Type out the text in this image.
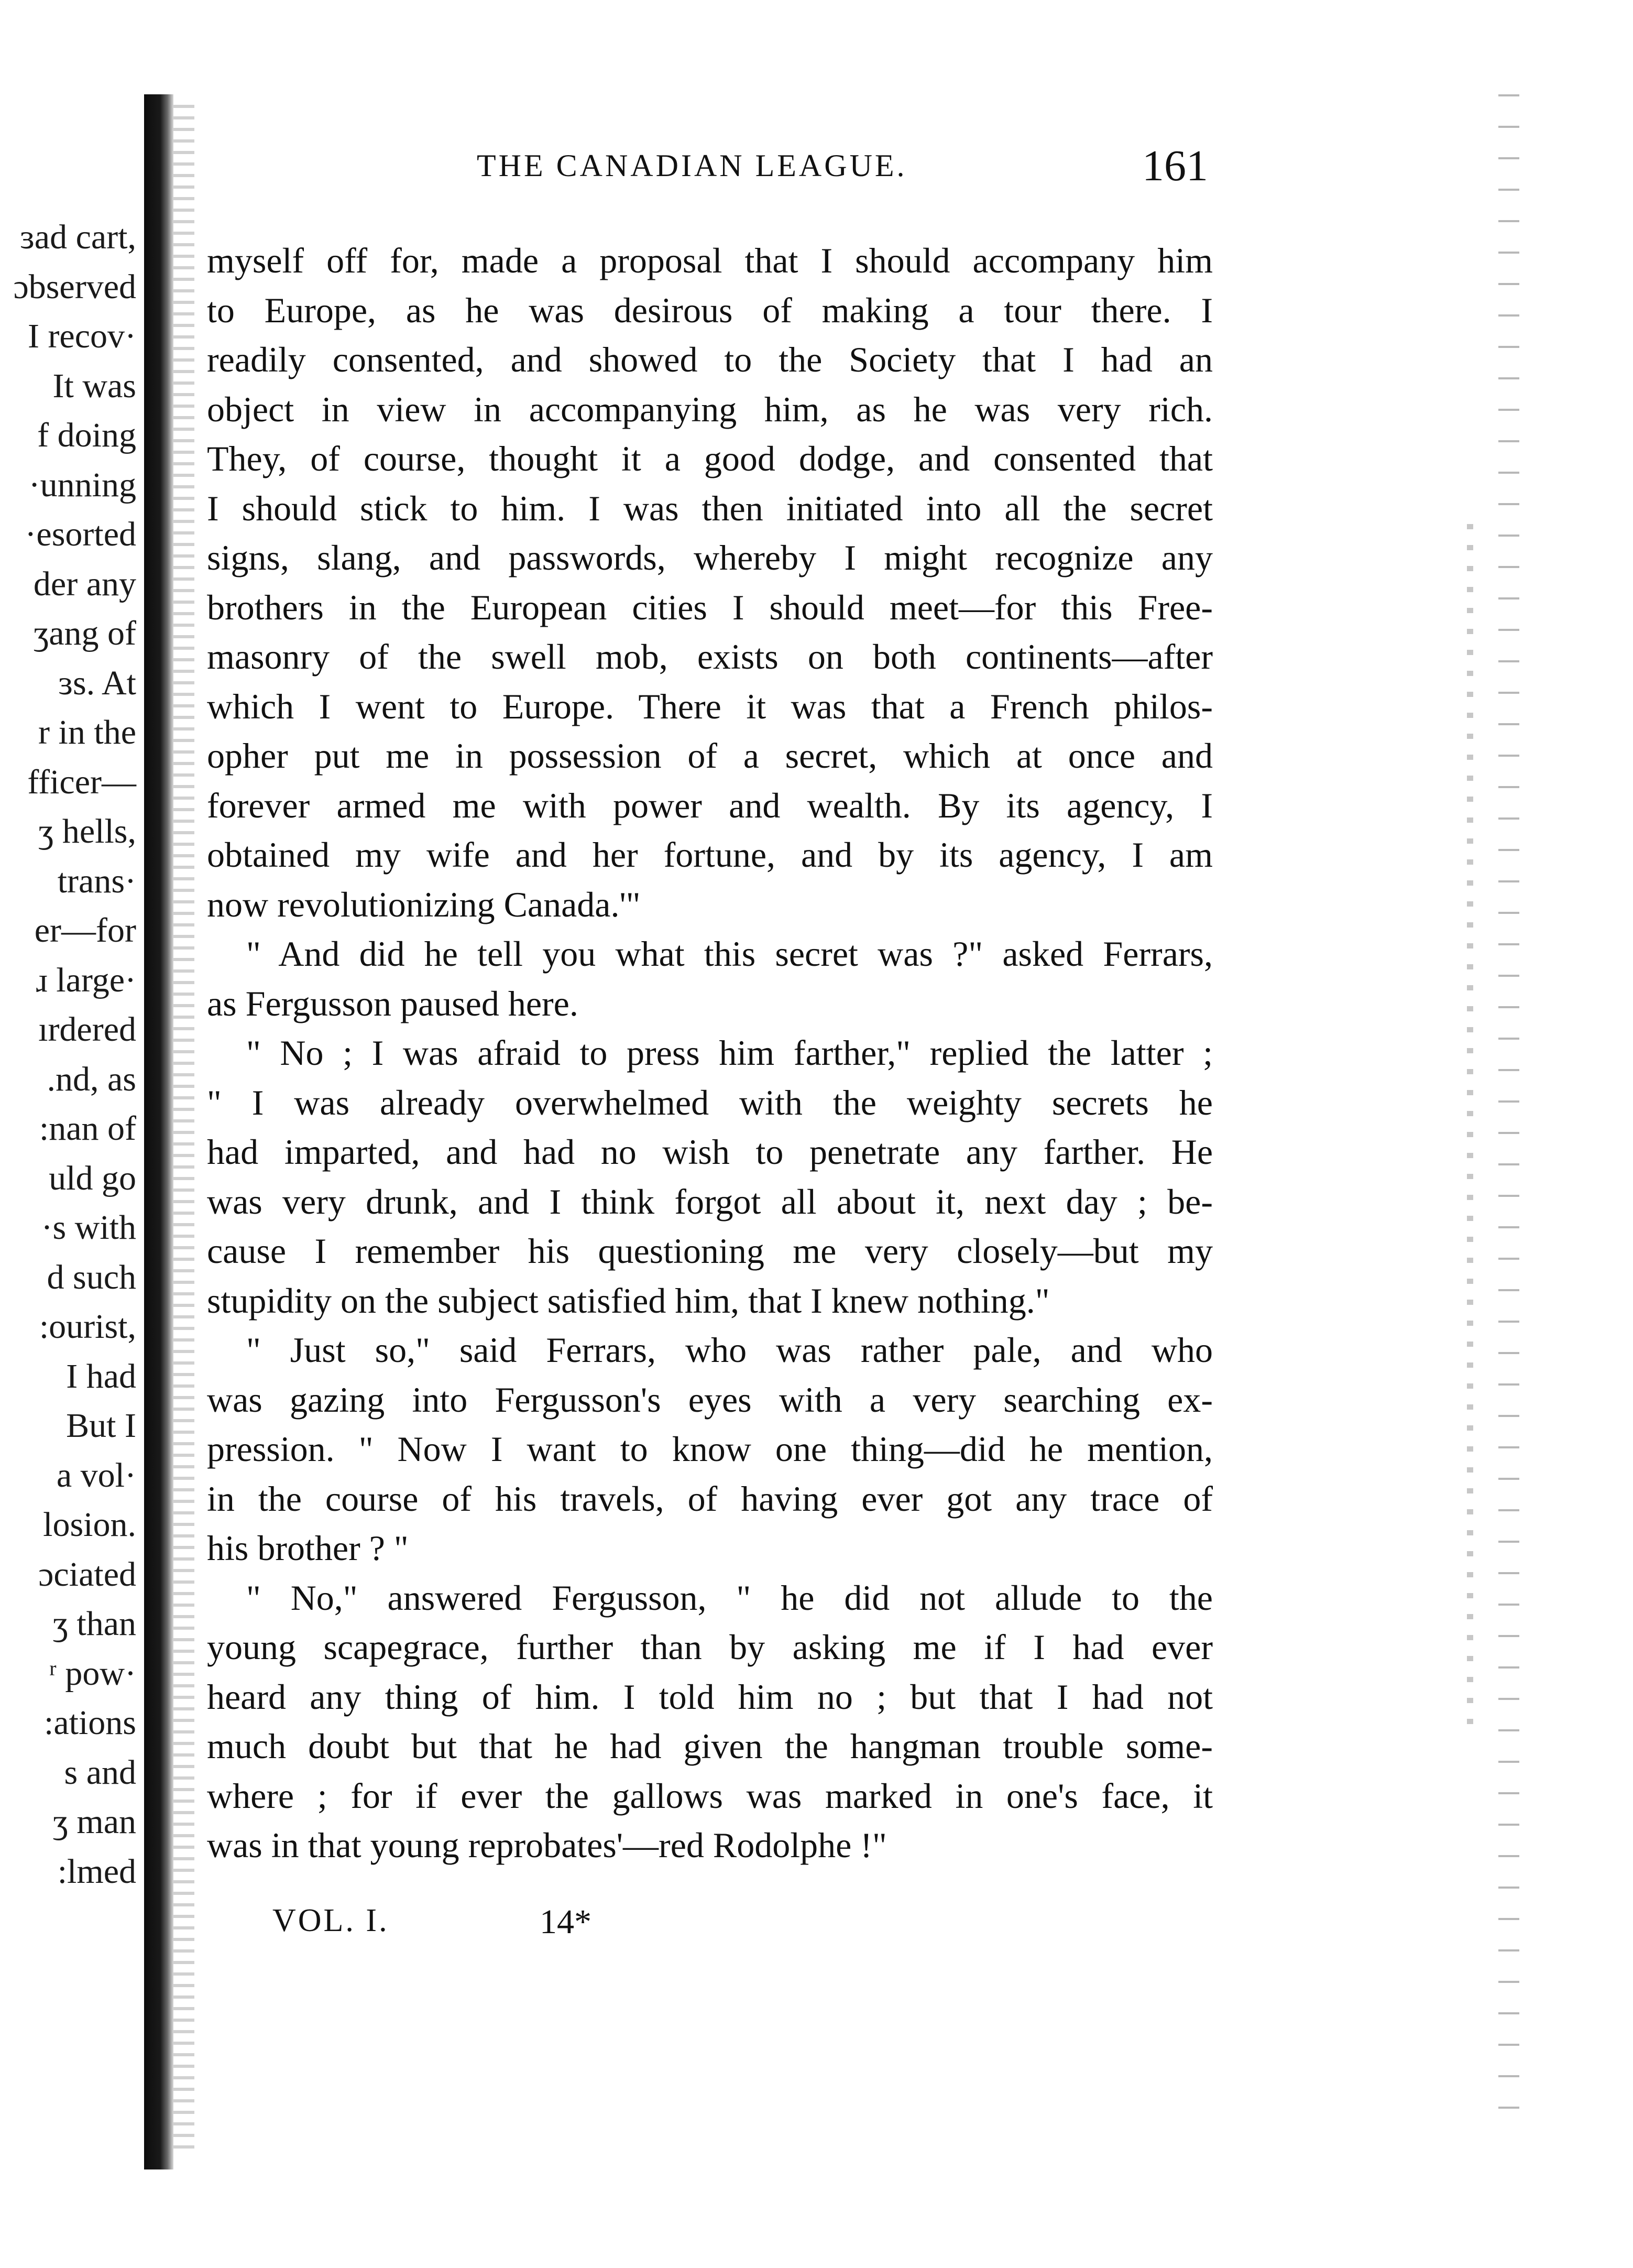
ɜad cart,
ɔbserved
I recov·
It was
f doing
·unning
·esorted
der any
ʒang of
ɜs. At
r in the
fficer—
ʒ hells,
trans·
er—for
ɹ large·
ırdered
.nd, as
:nan of
uld go
·s with
d such
:ourist,
I had
But I
a vol·
losion.
ɔciated
ʒ than
ʳ pow·
:ations
s and
ʒ man
:lmed
THE CANADIAN LEAGUE.	161
myself off for, made a proposal that I should accompany him
to Europe, as he was desirous of making a tour there. I
readily consented, and showed to the Society that I had an
object in view in accompanying him, as he was very rich.
They, of course, thought it a good dodge, and consented that
I should stick to him. I was then initiated into all the secret
signs, slang, and passwords, whereby I might recognize any
brothers in the European cities I should meet—for this Free-
masonry of the swell mob, exists on both continents—after
which I went to Europe. There it was that a French philos-
opher put me in possession of a secret, which at once and
forever armed me with power and wealth. By its agency, I
obtained my wife and her fortune, and by its agency, I am
now revolutionizing Canada.'"
" And did he tell you what this secret was ?" asked Ferrars,
as Fergusson paused here.
" No ; I was afraid to press him farther," replied the latter ;
" I was already overwhelmed with the weighty secrets he
had imparted, and had no wish to penetrate any farther. He
was very drunk, and I think forgot all about it, next day ; be-
cause I remember his questioning me very closely—but my
stupidity on the subject satisfied him, that I knew nothing."
" Just so," said Ferrars, who was rather pale, and who
was gazing into Fergusson's eyes with a very searching ex-
pression. " Now I want to know one thing—did he mention,
in the course of his travels, of having ever got any trace of
his brother ? "
" No," answered Fergusson, " he did not allude to the
young scapegrace, further than by asking me if I had ever
heard any thing of him. I told him no ; but that I had not
much doubt but that he had given the hangman trouble some-
where ; for if ever the gallows was marked in one's face, it
was in that young reprobates'—red Rodolphe !"
VOL. I.	14*
